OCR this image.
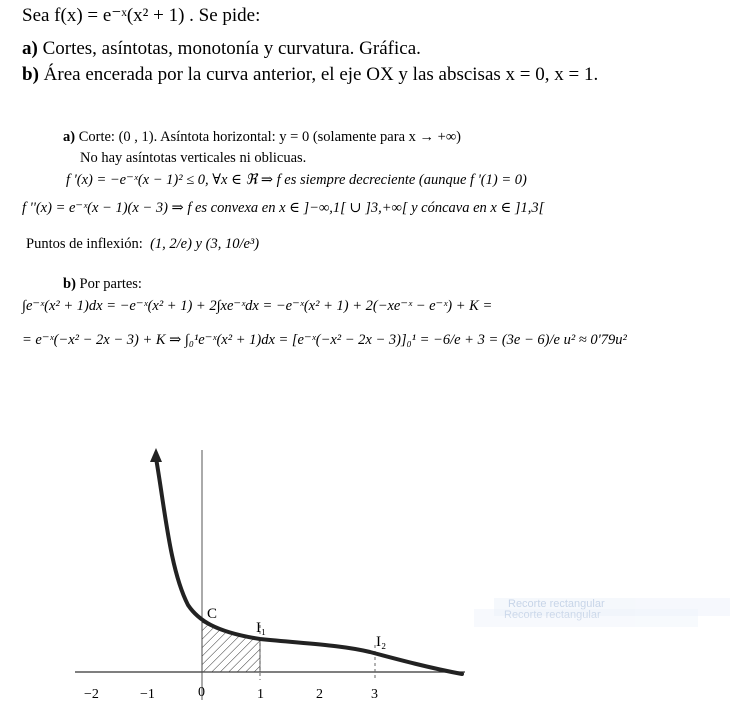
Sea f(x) = e⁻ˣ(x² + 1) . Se pide:
a) Cortes, asíntotas, monotonía y curvatura. Gráfica.
b) Área encerada por la curva anterior, el eje OX y las abscisas x = 0, x = 1.
a) Corte: (0 , 1). Asíntota horizontal: y = 0 (solamente para x → +∞)
No hay asíntotas verticales ni oblicuas.
f '(x) = −e⁻ˣ(x − 1)² ≤ 0, ∀x ∈ ℜ ⇒ f es siempre decreciente (aunque f '(1) = 0)
f ''(x) = e⁻ˣ(x − 1)(x − 3) ⇒ f es convexa en x ∈ ]−∞,1[ ∪ ]3,+∞[ y cóncava en x ∈ ]1,3[
Puntos de inflexión: (1, 2/e) y (3, 10/e³)
b) Por partes:
∫e⁻ˣ(x² + 1)dx = −e⁻ˣ(x² + 1) + 2∫xe⁻ˣdx = −e⁻ˣ(x² + 1) + 2(−xe⁻ˣ − e⁻ˣ) + K =
= e⁻ˣ(−x² − 2x − 3) + K ⇒ ∫₀¹e⁻ˣ(x² + 1)dx = [e⁻ˣ(−x² − 2x − 3)]₀¹ = −6/e + 3 = (3e − 6)/e u² ≈ 0'79u²
−2	−1	0	1	2	3
C
I₁
I₂
Recorte rectangular
Recorte rectangular
